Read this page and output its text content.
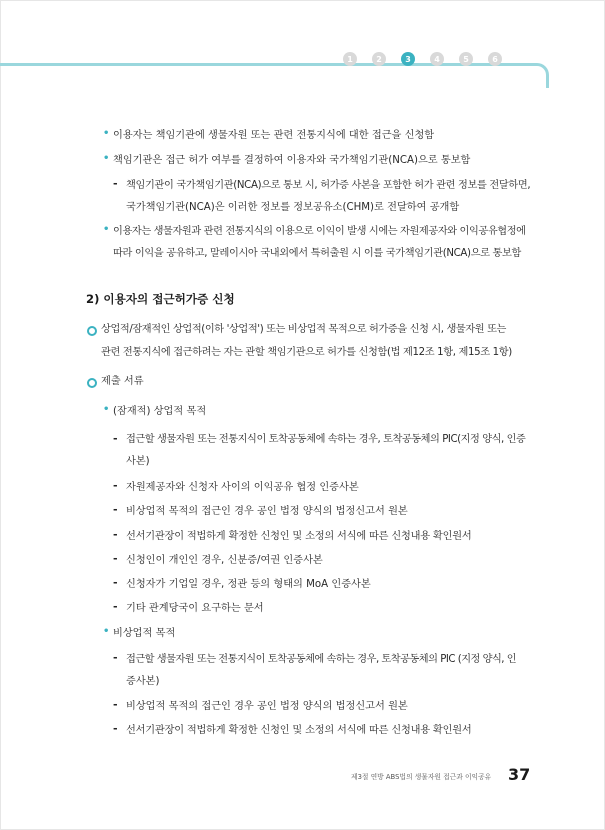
1	2	3	4	5	6
• 이용자는 책임기관에 생물자원 또는 관련 전통지식에 대한 접근을 신청함
• 책임기관은 접근 허가 여부를 결정하여 이용자와 국가책임기관(NCA)으로 통보함
- 책임기관이 국가책임기관(NCA)으로 통보 시, 허가증 사본을 포함한 허가 관련 정보를 전달하면,
국가책임기관(NCA)은 이러한 정보를 정보공유소(CHM)로 전달하여 공개함
• 이용자는 생물자원과 관련 전통지식의 이용으로 이익이 발생 시에는 자원제공자와 이익공유협정에
따라 이익을 공유하고, 말레이시아 국내외에서 특허출원 시 이를 국가책임기관(NCA)으로 통보함
2) 이용자의 접근허가증 신청
상업적/잠재적인 상업적(이하 '상업적') 또는 비상업적 목적으로 허가증을 신청 시, 생물자원 또는
관련 전통지식에 접근하려는 자는 관할 책임기관으로 허가를 신청함(법 제12조 1항, 제15조 1항)
제출 서류
• (잠재적) 상업적 목적
- 접근할 생물자원 또는 전통지식이 토착공동체에 속하는 경우, 토착공동체의 PIC(지정 양식, 인증
사본)
- 자원제공자와 신청자 사이의 이익공유 협정 인증사본
- 비상업적 목적의 접근인 경우 공인 법정 양식의 법정신고서 원본
- 선서기관장이 적법하게 확정한 신청인 및 소정의 서식에 따른 신청내용 확인원서
- 신청인이 개인인 경우, 신분증/여권 인증사본
- 신청자가 기업일 경우, 정관 등의 형태의 MoA 인증사본
- 기타 관계당국이 요구하는 문서
• 비상업적 목적
- 접근할 생물자원 또는 전통지식이 토착공동체에 속하는 경우, 토착공동체의 PIC (지정 양식, 인
증사본)
- 비상업적 목적의 접근인 경우 공인 법정 양식의 법정신고서 원본
- 선서기관장이 적법하게 확정한 신청인 및 소정의 서식에 따른 신청내용 확인원서
제3절 연방 ABS법의 생물자원 접근과 이익공유 37
